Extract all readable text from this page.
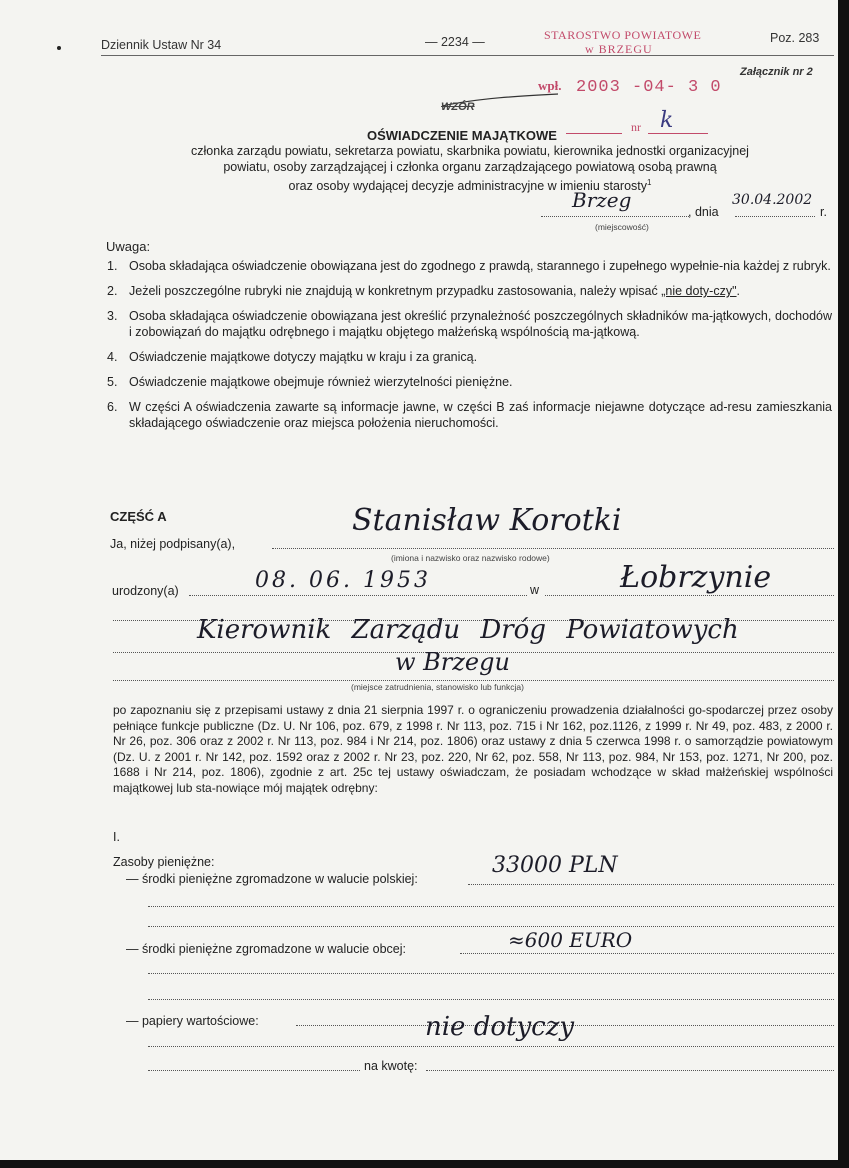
Dziennik Ustaw Nr 34	— 2234 —	STAROSTWO POWIATOWE
w BRZEGU
Poz. 283
Załącznik nr 2
wpł. 2003 -04- 3 0
WZÓR
nr k
OŚWIADCZENIE MAJĄTKOWE
członka zarządu powiatu, sekretarza powiatu, skarbnika powiatu, kierownika jednostki organizacyjnej
powiatu, osoby zarządzającej i członka organu zarządzającego powiatową osobą prawną
oraz osoby wydającej decyzje administracyjne w imieniu starosty$^1$
Brzeg	, dnia
30.04.2002
r.
(miejscowość)
Uwaga:
1. Osoba składająca oświadczenie obowiązana jest do zgodnego z prawdą, starannego i zupełnego wypełnie-nia każdej z rubryk.
2. Jeżeli poszczególne rubryki nie znajdują w konkretnym przypadku zastosowania, należy wpisać „nie doty-czy".
3. Osoba składająca oświadczenie obowiązana jest określić przynależność poszczególnych składników ma-jątkowych, dochodów i zobowiązań do majątku odrębnego i majątku objętego małżeńską wspólnością ma-jątkową.
4. Oświadczenie majątkowe dotyczy majątku w kraju i za granicą.
5. Oświadczenie majątkowe obejmuje również wierzytelności pieniężne.
6. W części A oświadczenia zawarte są informacje jawne, w części B zaś informacje niejawne dotyczące ad-resu zamieszkania składającego oświadczenie oraz miejsca położenia nieruchomości.
CZĘŚĆ A
Ja, niżej podpisany(a),
Stanisław Korotki
(imiona i nazwisko oraz nazwisko rodowe)
urodzony(a)	08. 06. 1953	w	Łobrzynie
Kierownik Zarządu Dróg Powiatowych
w Brzegu
(miejsce zatrudnienia, stanowisko lub funkcja)
po zapoznaniu się z przepisami ustawy z dnia 21 sierpnia 1997 r. o ograniczeniu prowadzenia działalności go-spodarczej przez osoby pełniące funkcje publiczne (Dz. U. Nr 106, poz. 679, z 1998 r. Nr 113, poz. 715 i Nr 162, poz.1126, z 1999 r. Nr 49, poz. 483, z 2000 r. Nr 26, poz. 306 oraz z 2002 r. Nr 113, poz. 984 i Nr 214, poz. 1806) oraz ustawy z dnia 5 czerwca 1998 r. o samorządzie powiatowym (Dz. U. z 2001 r. Nr 142, poz. 1592 oraz z 2002 r. Nr 23, poz. 220, Nr 62, poz. 558, Nr 113, poz. 984, Nr 153, poz. 1271, Nr 200, poz. 1688 i Nr 214, poz. 1806), zgodnie z art. 25c tej ustawy oświadczam, że posiadam wchodzące w skład małżeńskiej wspólności majątkowej lub sta-nowiące mój majątek odrębny:
I.
Zasoby pieniężne:
— środki pieniężne zgromadzone w walucie polskiej:
33000 PLN
— środki pieniężne zgromadzone w walucie obcej:	≈600 EURO
— papiery wartościowe:	nie dotyczy
na kwotę:
